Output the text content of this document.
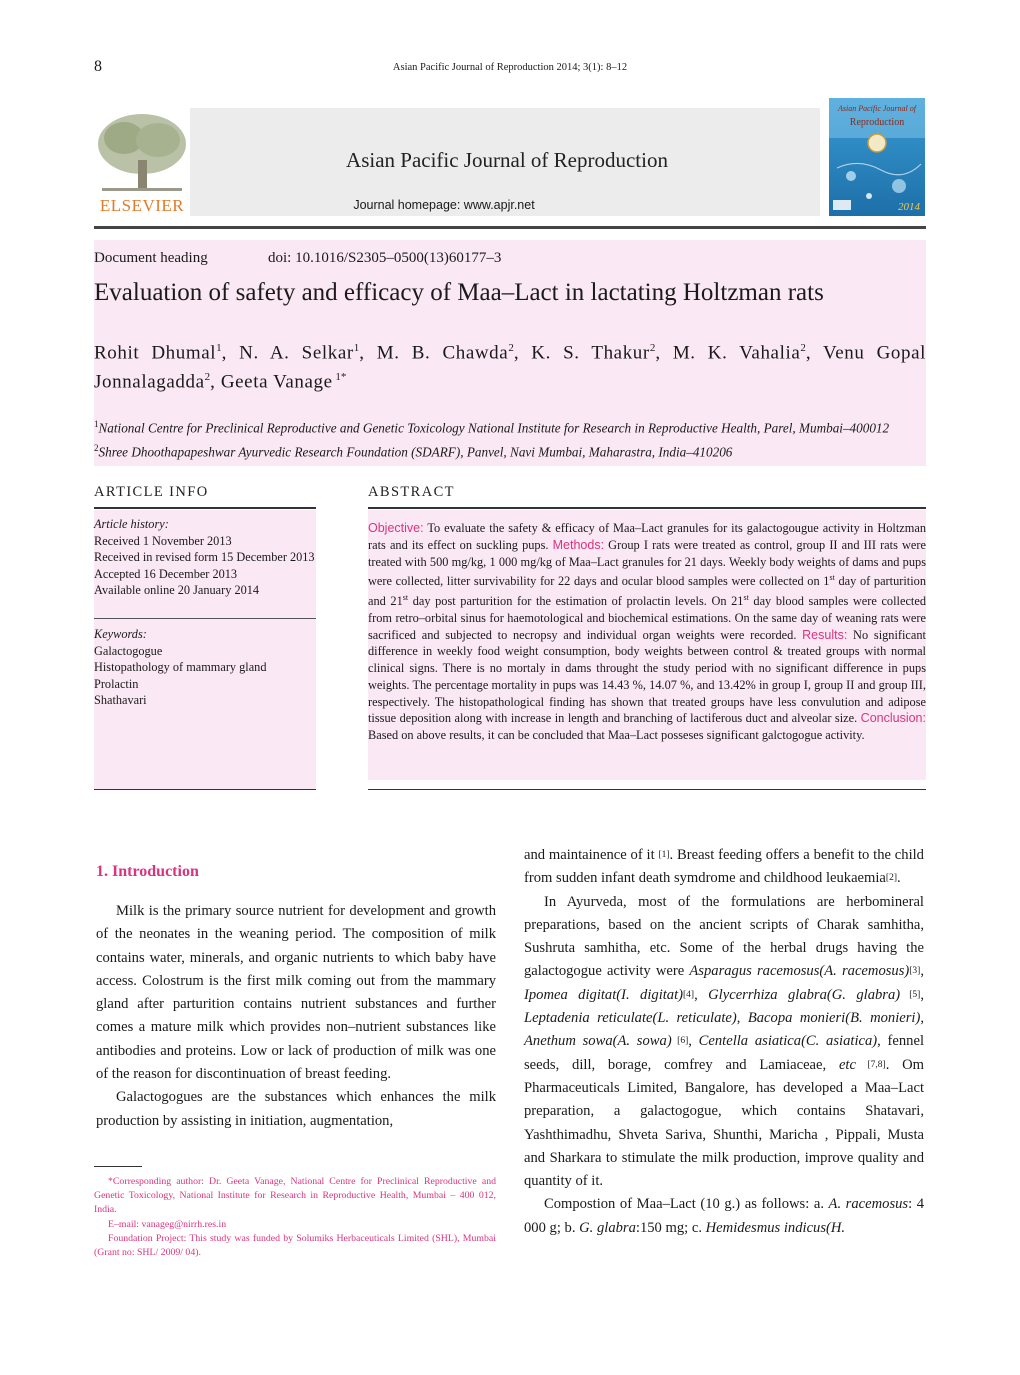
8	Asian Pacific Journal of Reproduction 2014; 3(1): 8–12
ELSEVIER
Asian Pacific Journal of Reproduction
Journal homepage: www.apjr.net
Asian Pacific Journal of
Reproduction
2014
Document heading	doi: 10.1016/S2305–0500(13)60177–3
Evaluation of safety and efficacy of Maa–Lact in lactating Holtzman rats
Rohit Dhumal$^1$, N. A. Selkar$^1$, M. B. Chawda$^2$, K. S. Thakur$^2$, M. K. Vahalia$^2$, Venu Gopal Jonnalagadda$^2$, Geeta Vanage $^{1*}$
$^1$National Centre for Preclinical Reproductive and Genetic Toxicology National Institute for Research in Reproductive Health, Parel, Mumbai–400012
$^2$Shree Dhoothapapeshwar Ayurvedic Research Foundation (SDARF), Panvel, Navi Mumbai, Maharastra, India–410206
ARTICLE INFO	ABSTRACT
Article history:
Received 1 November 2013
Received in revised form 15 December 2013
Accepted 16 December 2013
Available online 20 January 2014
Keywords:
Galactogogue
Histopathology of mammary gland
Prolactin
Shathavari
Objective: To evaluate the safety & efficacy of Maa–Lact granules for its galactogougue activity in Holtzman rats and its effect on suckling pups. Methods: Group I rats were treated as control, group II and III rats were treated with 500 mg/kg, 1 000 mg/kg of Maa–Lact granules for 21 days. Weekly body weights of dams and pups were collected, litter survivability for 22 days and ocular blood samples were collected on 1st day of parturition and 21st day post parturition for the estimation of prolactin levels. On 21st day blood samples were collected from retro–orbital sinus for haemotological and biochemical estimations. On the same day of weaning rats were sacrificed and subjected to necropsy and individual organ weights were recorded. Results: No significant difference in weekly food weight consumption, body weights between control & treated groups with normal clinical signs. There is no mortaly in dams throught the study period with no significant difference in pups weights. The percentage mortality in pups was 14.43 %, 14.07 %, and 13.42% in group I, group II and group III, respectively. The histopathological finding has shown that treated groups have less convulution and adipose tissue deposition along with increase in length and branching of lactiferous duct and alveolar size. Conclusion: Based on above results, it can be concluded that Maa–Lact posseses significant galctogogue activity.
1. Introduction

Milk is the primary source nutrient for development and growth of the neonates in the weaning period. The composition of milk contains water, minerals, and organic nutrients to which baby have access. Colostrum is the first milk coming out from the mammary gland after parturition contains nutrient substances and further comes a mature milk which provides non–nutrient substances like antibodies and proteins. Low or lack of production of milk was one of the reason for discontinuation of breast feeding.

Galactogogues are the substances which enhances the milk production by assisting in initiation, augmentation,

*Corresponding author: Dr. Geeta Vanage, National Centre for Preclinical Reproductive and Genetic Toxicology, National Institute for Research in Reproductive Health, Mumbai – 400 012, India.

E–mail: vanageg@nirrh.res.in

Foundation Project: This study was funded by Solumiks Herbaceuticals Limited (SHL), Mumbai (Grant no: SHL/ 2009/ 04).

and maintainence of it [1]. Breast feeding offers a benefit to the child from sudden infant death symdrome and childhood leukaemia[2].

In Ayurveda, most of the formulations are herbomineral preparations, based on the ancient scripts of Charak samhitha, Sushruta samhitha, etc. Some of the herbal drugs having the galactogogue activity were Asparagus racemosus(A. racemosus)[3], Ipomea digitat(I. digitat)[4], Glycerrhiza glabra(G. glabra) [5], Leptadenia reticulate(L. reticulate), Bacopa monieri(B. monieri), Anethum sowa(A. sowa) [6], Centella asiatica(C. asiatica), fennel seeds, dill, borage, comfrey and Lamiaceae, etc [7,8]. Om Pharmaceuticals Limited, Bangalore, has developed a Maa–Lact preparation, a galactogogue, which contains Shatavari, Yashthimadhu, Shveta Sariva, Shunthi, Maricha , Pippali, Musta and Sharkara to stimulate the milk production, improve quality and quantity of it.

Compostion of Maa–Lact (10 g.) as follows: a. A. racemosus: 4 000 g; b. G. glabra:150 mg; c. Hemidesmus indicus(H.
